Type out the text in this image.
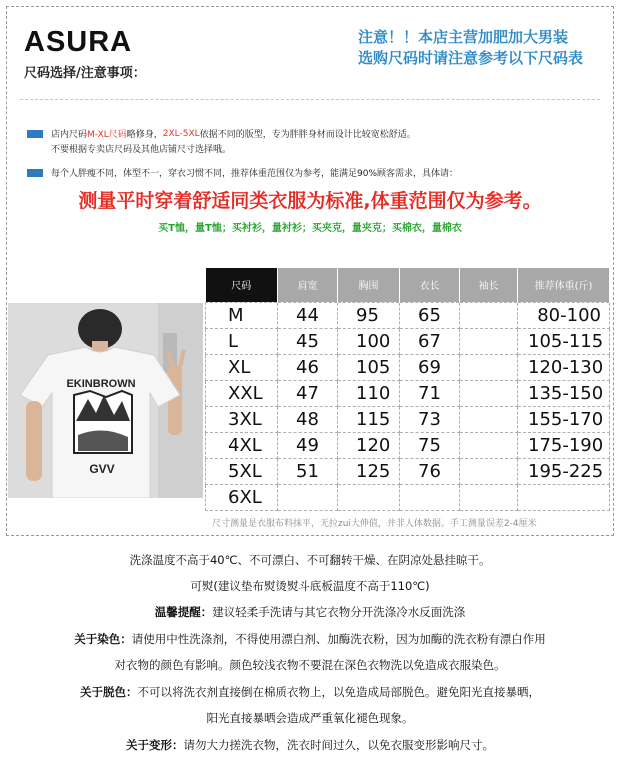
ASURA
尺码选择/注意事项：
注意！！本店主营加肥加大男装
选购尺码时请注意参考以下尺码表
店内尺码 M-XL尺码 略修身， 2XL-5XL 依据不同的版型，专为胖胖身材而设计比较宽松舒适。
不要根据专卖店尺码及其他店铺尺寸选择哦。
每个人胖瘦不同，体型不一，穿衣习惯不同，推荐体重范围仅为参考，能满足90%顾客需求，具体请：
测量平时穿着舒适同类衣服为标准,体重范围仅为参考。
买T恤，量T恤；买衬衫，量衬衫；买夹克，量夹克；买棉衣，量棉衣
EKINBROWN
GVV
尺码	肩宽	胸围	衣长	袖长	推荐体重(斤)
M	44	95	65		80-100
L	45	100	67		105-115
XL	46	105	69		120-130
XXL	47	110	71		135-150
3XL	48	115	73		155-170
4XL	49	120	75		175-190
5XL	51	125	76		195-225
6XL					
尺寸测量是衣服布料抹平，无拉zui大伸值，并非人体数据。手工测量误差2-4厘米
洗涤温度不高于40℃、不可漂白、不可翻转干燥、在阴凉处悬挂晾干。
可熨(建议垫布熨烫熨斗底板温度不高于110℃)
温馨提醒：建议轻柔手洗请与其它衣物分开洗涤冷水反面洗涤
关于染色：请使用中性洗涤剂，不得使用漂白剂、加酶洗衣粉，因为加酶的洗衣粉有漂白作用
对衣物的颜色有影响。颜色较浅衣物不要混在深色衣物洗以免造成衣服染色。
关于脱色：不可以将洗衣剂直接倒在棉质衣物上，以免造成局部脱色。避免阳光直接暴晒，
阳光直接暴晒会造成严重氧化褪色现象。
关于变形：请勿大力搓洗衣物，洗衣时间过久，以免衣服变形影响尺寸。
